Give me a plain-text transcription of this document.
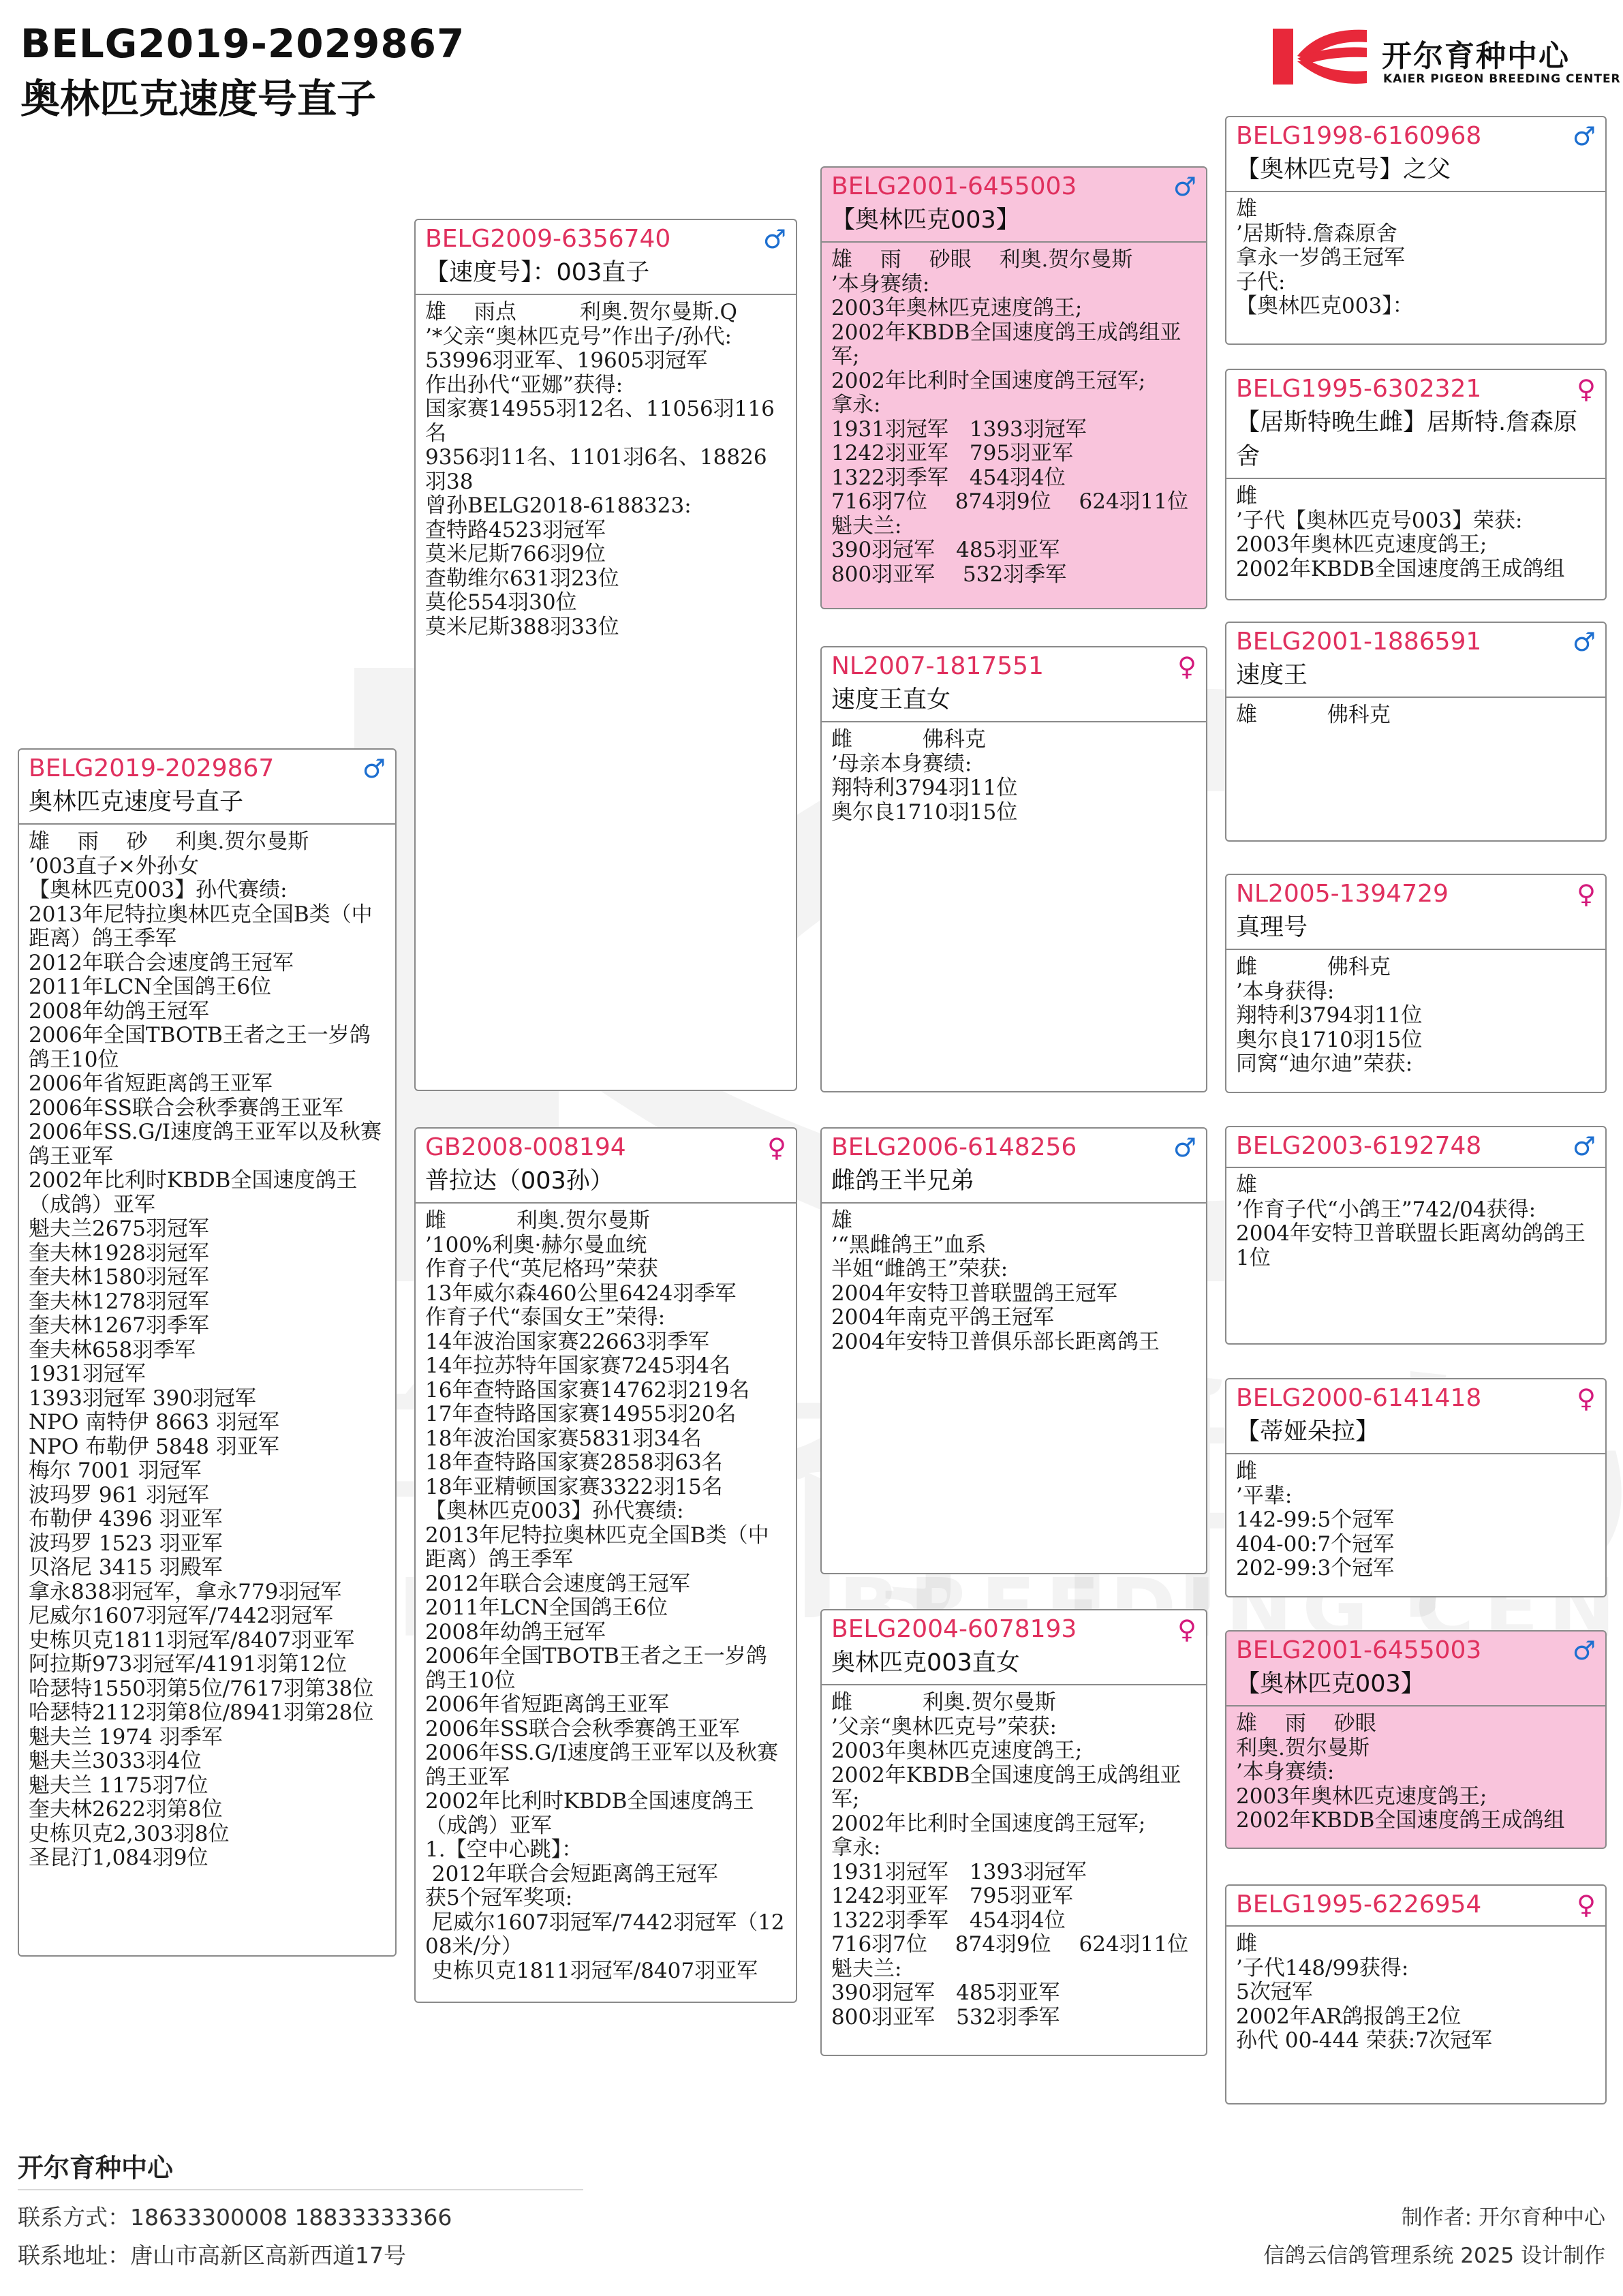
BELG2019-2029867
奥林匹克速度号直子
开尔育种中心
KAIER PIGEON BREEDING CENTER
BELG2019-2029867
奥林匹克速度号直子
♂
雄　 雨　 砂　 利奥.贺尔曼斯
’003直子×外孙女
【奥林匹克003】孙代赛绩:
2013年尼特拉奥林匹克全国B类（中距离）鸽王季军
2012年联合会速度鸽王冠军
2011年LCN全国鸽王6位
2008年幼鸽王冠军
2006年全国TBOTB王者之王一岁鸽鸽王10位
2006年省短距离鸽王亚军
2006年SS联合会秋季赛鸽王亚军
2006年SS.G/I速度鸽王亚军以及秋赛鸽王亚军
2002年比利时KBDB全国速度鸽王（成鸽）亚军
魁夫兰2675羽冠军
奎夫林1928羽冠军
奎夫林1580羽冠军
奎夫林1278羽冠军
奎夫林1267羽季军
奎夫林658羽季军
1931羽冠军
1393羽冠军 390羽冠军
NPO 南特伊 8663 羽冠军
NPO 布勒伊 5848 羽亚军
梅尔 7001 羽冠军
波玛罗 961 羽冠军
布勒伊 4396 羽亚军
波玛罗 1523 羽亚军
贝洛尼 3415 羽殿军
拿永838羽冠军，拿永779羽冠军
尼威尔1607羽冠军/7442羽冠军
史栋贝克1811羽冠军/8407羽亚军
阿拉斯973羽冠军/4191羽第12位
哈瑟特1550羽第5位/7617羽第38位
哈瑟特2112羽第8位/8941羽第28位
魁夫兰 1974 羽季军
魁夫兰3033羽4位
魁夫兰 1175羽7位
奎夫林2622羽第8位
史栋贝克2,303羽8位
圣昆汀1,084羽9位
BELG2009-6356740
【速度号】：003直子
♂
雄　 雨点　　　利奥.贺尔曼斯.Q
’*父亲“奥林匹克号”作出子/孙代:
53996羽亚军、19605羽冠军
作出孙代“亚娜”获得:
国家赛14955羽12名、11056羽116名
9356羽11名、1101羽6名、18826羽38
曾孙BELG2018-6188323:
查特路4523羽冠军
莫米尼斯766羽9位
查勒维尔631羽23位
莫伦554羽30位
莫米尼斯388羽33位
GB2008-008194
普拉达（003孙）
♀
雌　　　 利奥.贺尔曼斯
’100%利奥·赫尔曼血统
作育子代“英尼格玛”荣获
13年威尔森460公里6424羽季军
作育子代“泰国女王”荣得:
14年波治国家赛22663羽季军
14年拉苏特年国家赛7245羽4名
16年查特路国家赛14762羽219名
17年查特路国家赛14955羽20名
18年波治国家赛5831羽34名
18年查特路国家赛2858羽63名
18年亚精顿国家赛3322羽15名
【奥林匹克003】孙代赛绩:
2013年尼特拉奥林匹克全国B类（中距离）鸽王季军
2012年联合会速度鸽王冠军
2011年LCN全国鸽王6位
2008年幼鸽王冠军
2006年全国TBOTB王者之王一岁鸽鸽王10位
2006年省短距离鸽王亚军
2006年SS联合会秋季赛鸽王亚军
2006年SS.G/I速度鸽王亚军以及秋赛鸽王亚军
2002年比利时KBDB全国速度鸽王（成鸽）亚军
1.【空中心跳】：
2012年联合会短距离鸽王冠军
获5个冠军奖项:
尼威尔1607羽冠军/7442羽冠军（1208米/分）
史栋贝克1811羽冠军/8407羽亚军
BELG2001-6455003
【奥林匹克003】
♂
雄　 雨　 砂眼　 利奥.贺尔曼斯
’本身赛绩:
2003年奥林匹克速度鸽王;
2002年KBDB全国速度鸽王成鸽组亚军;
2002年比利时全国速度鸽王冠军;
拿永:
1931羽冠军　1393羽冠军
1242羽亚军　795羽亚军
1322羽季军　454羽4位
716羽7位　 874羽9位　 624羽11位
魁夫兰:
390羽冠军　485羽亚军
800羽亚军　 532羽季军
NL2007-1817551
速度王直女
♀
雌　　　 佛科克
’母亲本身赛绩:
翔特利3794羽11位
奥尔良1710羽15位
BELG2006-6148256
雌鸽王半兄弟
♂
雄
’“黑雌鸽王”血系
半姐“雌鸽王”荣获:
2004年安特卫普联盟鸽王冠军
2004年南克平鸽王冠军
2004年安特卫普俱乐部长距离鸽王
BELG2004-6078193
奥林匹克003直女
♀
雌　　　 利奥.贺尔曼斯
’父亲“奥林匹克号”荣获:
2003年奥林匹克速度鸽王;
2002年KBDB全国速度鸽王成鸽组亚军;
2002年比利时全国速度鸽王冠军;
拿永:
1931羽冠军　1393羽冠军
1242羽亚军　795羽亚军
1322羽季军　454羽4位
716羽7位　 874羽9位　 624羽11位
魁夫兰:
390羽冠军　485羽亚军
800羽亚军　532羽季军
BELG1998-6160968
【奥林匹克号】之父
♂
雄
’居斯特.詹森原舍
拿永一岁鸽王冠军
子代:
【奥林匹克003】：
BELG1995-6302321
【居斯特晚生雌】居斯特.詹森原舍
♀
雌
’子代【奥林匹克号003】荣获:
2003年奥林匹克速度鸽王;
2002年KBDB全国速度鸽王成鸽组
BELG2001-1886591
速度王
♂
雄　　　 佛科克
NL2005-1394729
真理号
♀
雌　　　 佛科克
’本身获得:
翔特利3794羽11位
奥尔良1710羽15位
同窝“迪尔迪”荣获:
BELG2003-6192748	♂
雄
’作育子代“小鸽王”742/04获得:
2004年安特卫普联盟长距离幼鸽鸽王1位
BELG2000-6141418
【蒂娅朵拉】
♀
雌
’平辈:
142-99:5个冠军
404-00:7个冠军
202-99:3个冠军
BELG2001-6455003
【奥林匹克003】
♂
雄　 雨　 砂眼
利奥.贺尔曼斯
’本身赛绩:
2003年奥林匹克速度鸽王;
2002年KBDB全国速度鸽王成鸽组
BELG1995-6226954	♀
雌
’子代148/99获得:
5次冠军
2002年AR鸽报鸽王2位
孙代 00-444 荣获:7次冠军
开尔育种中心
联系方式：18633300008 18833333366
联系地址：唐山市高新区高新西道17号
制作者: 开尔育种中心
信鸽云信鸽管理系统 2025 设计制作
